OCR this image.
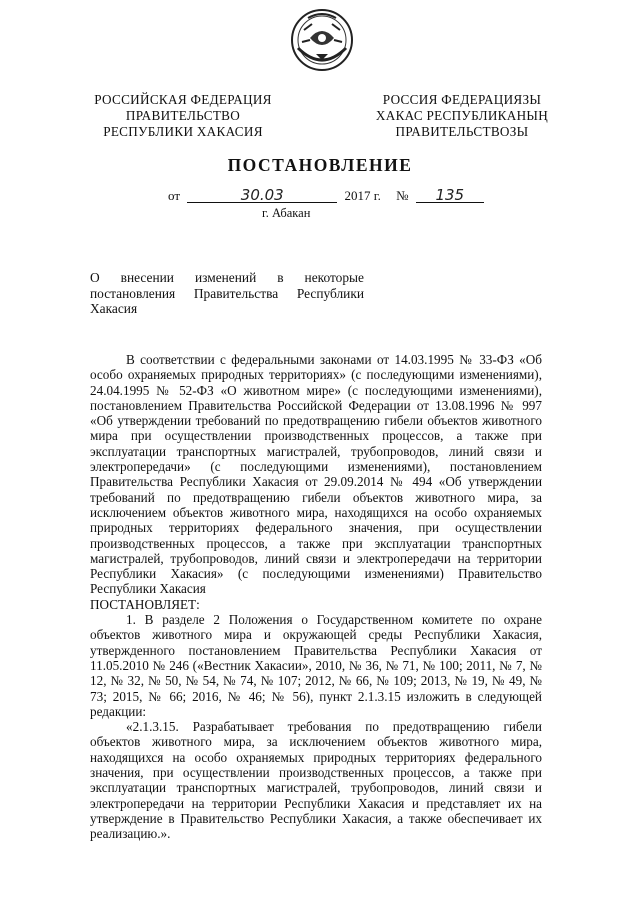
РОССИЙСКАЯ ФЕДЕРАЦИЯ
ПРАВИТЕЛЬСТВО
РЕСПУБЛИКИ ХАКАСИЯ
РОССИЯ ФЕДЕРАЦИЯЗЫ
ХАКАС РЕСПУБЛИКАНЫҢ
ПРАВИТЕЛЬСТВОЗЫ
ПОСТАНОВЛЕНИЕ
от	30.03	2017 г. № 135
г. Абакан
О внесении изменений в некоторые постановления Правительства Республики Хакасия

В соответствии с федеральными законами от 14.03.1995 № 33-ФЗ «Об особо охраняемых природных территориях» (с последующими изменениями), 24.04.1995 № 52-ФЗ «О животном мире» (с последующими изменениями), постановлением Правительства Российской Федерации от 13.08.1996 № 997 «Об утверждении требований по предотвращению гибели объектов животного мира при осуществлении производственных процессов, а также при эксплуатации транспортных магистралей, трубопроводов, линий связи и электропередачи» (с последующими изменениями), постановлением Правительства Республики Хакасия от 29.09.2014 № 494 «Об утверждении требований по предотвращению гибели объектов животного мира, за исключением объектов животного мира, находящихся на особо охраняемых природных территориях федерального значения, при осуществлении производственных процессов, а также при эксплуатации транспортных магистралей, трубопроводов, линий связи и электропередачи на территории Республики Хакасия» (с последующими изменениями) Правительство Республики Хакасия

ПОСТАНОВЛЯЕТ:

1. В разделе 2 Положения о Государственном комитете по охране объектов животного мира и окружающей среды Республики Хакасия, утвержденного постановлением Правительства Республики Хакасия от 11.05.2010 № 246 («Вестник Хакасии», 2010, № 36, № 71, № 100; 2011, № 7, № 12, № 32, № 50, № 54, № 74, № 107; 2012, № 66, № 109; 2013, № 19, № 49, № 73; 2015, № 66; 2016, № 46; № 56), пункт 2.1.3.15 изложить в следующей редакции:

«2.1.3.15. Разрабатывает требования по предотвращению гибели объектов животного мира, за исключением объектов животного мира, находящихся на особо охраняемых природных территориях федерального значения, при осуществлении производственных процессов, а также при эксплуатации транспортных магистралей, трубопроводов, линий связи и электропередачи на территории Республики Хакасия и представляет их на утверждение в Правительство Республики Хакасия, а также обеспечивает их реализацию.».
